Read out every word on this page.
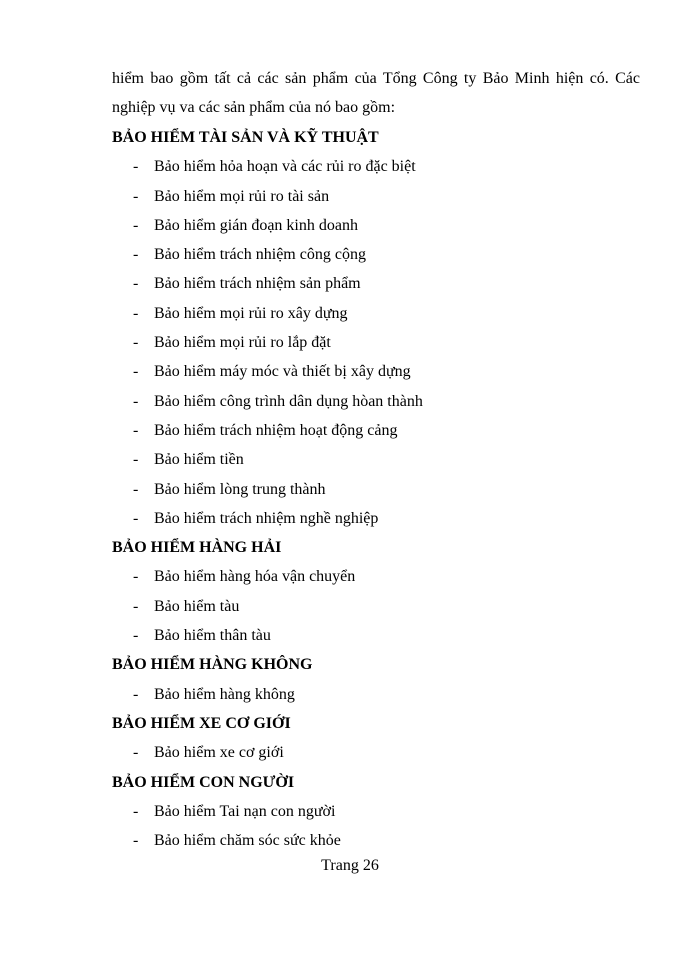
hiểm bao gồm tất cả các sản phẩm của Tổng Công ty Bảo Minh hiện có. Các
nghiệp vụ va các sản phẩm của nó bao gồm:

BẢO HIỂM TÀI SẢN VÀ KỸ THUẬT
- Bảo hiểm hỏa hoạn và các rủi ro đặc biệt
- Bảo hiểm mọi rủi ro tài sản
- Bảo hiểm gián đoạn kinh doanh
- Bảo hiểm trách nhiệm công cộng
- Bảo hiểm trách nhiệm sản phẩm
- Bảo hiểm mọi rủi ro xây dựng
- Bảo hiểm mọi rủi ro lắp đặt
- Bảo hiểm máy móc và thiết bị xây dựng
- Bảo hiểm công trình dân dụng hòan thành
- Bảo hiểm trách nhiệm hoạt động cảng
- Bảo hiểm tiền
- Bảo hiểm lòng trung thành
- Bảo hiểm trách nhiệm nghề nghiệp
BẢO HIỂM HÀNG HẢI
- Bảo hiểm hàng hóa vận chuyển
- Bảo hiểm tàu
- Bảo hiểm thân tàu
BẢO HIỂM HÀNG KHÔNG
- Bảo hiểm hàng không
BẢO HIỂM XE CƠ GIỚI
- Bảo hiểm xe cơ giới
BẢO HIỂM CON NGƯỜI
- Bảo hiểm Tai nạn con người
- Bảo hiểm chăm sóc sức khỏe
Trang 26
